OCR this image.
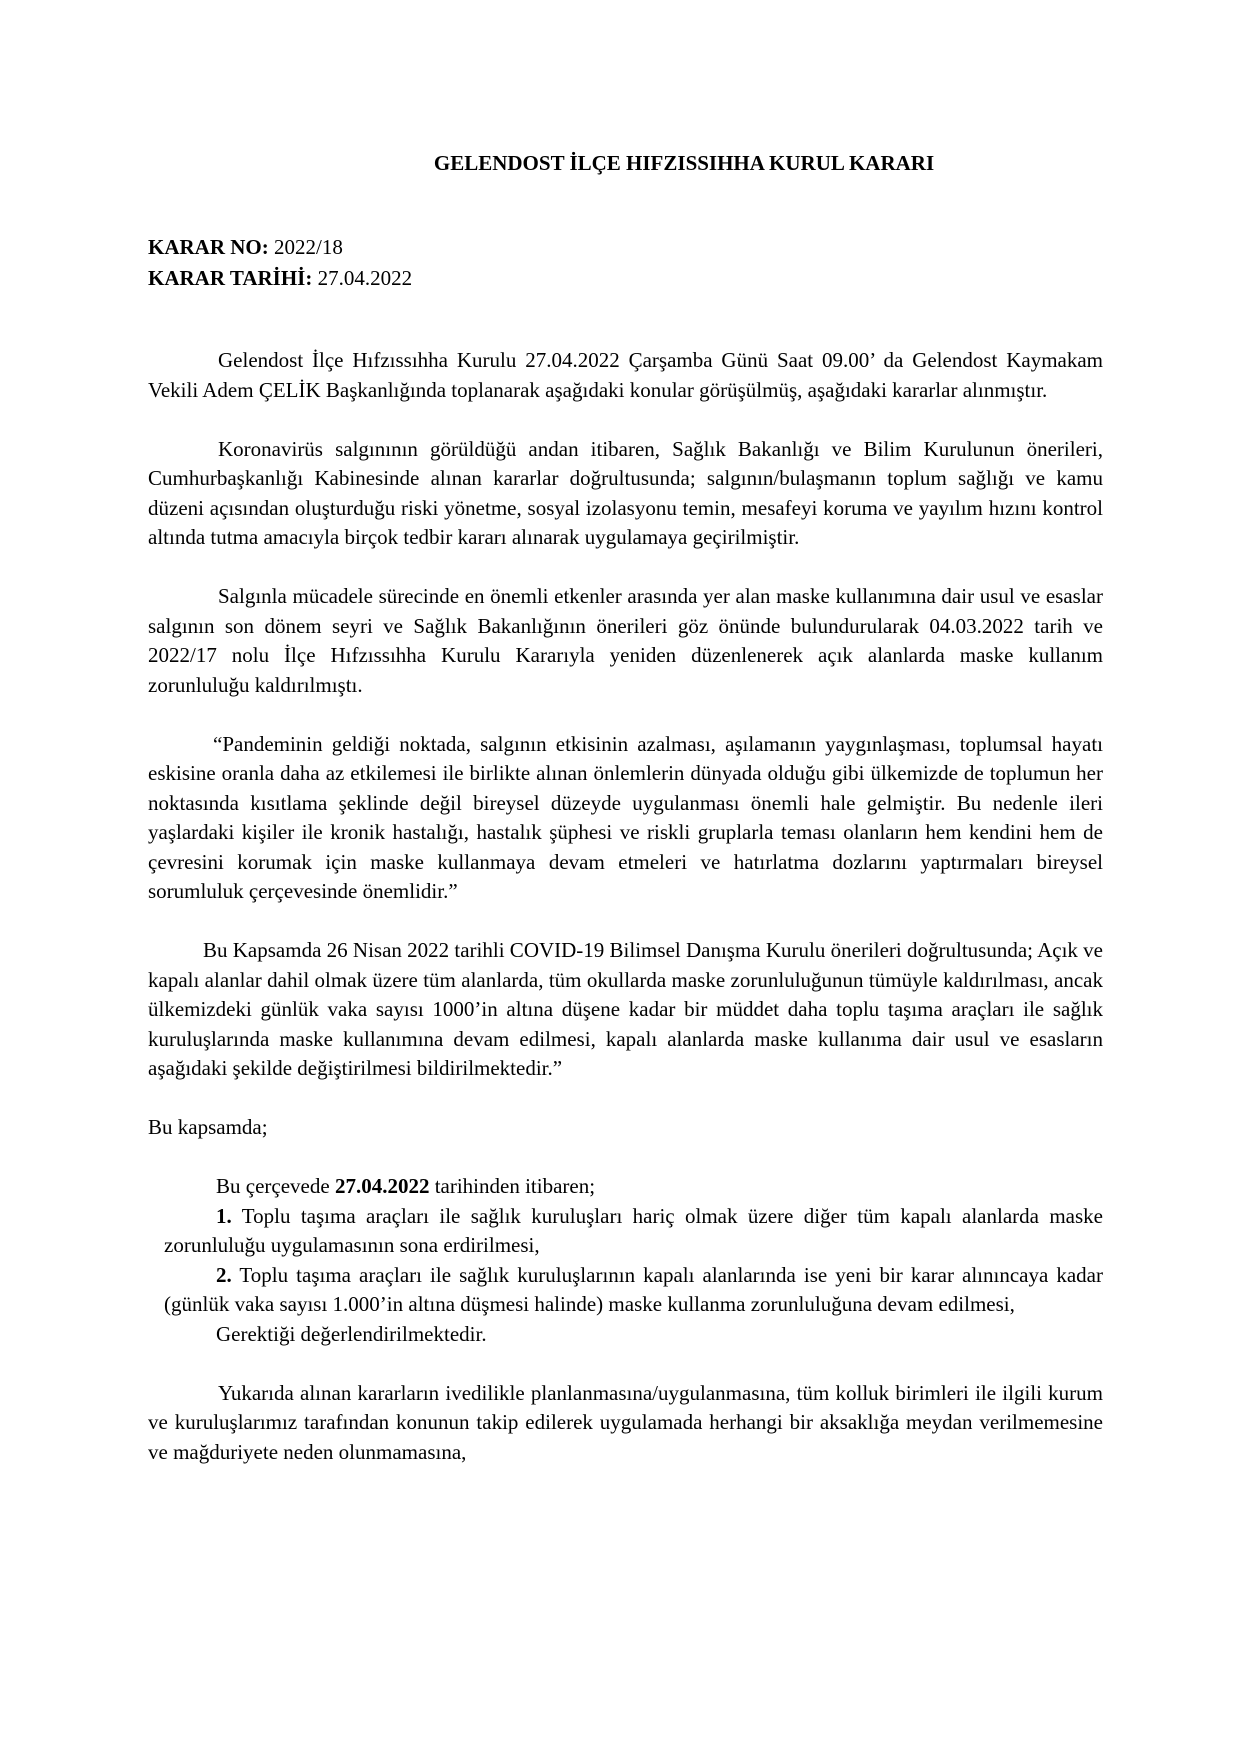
GELENDOST İLÇE HIFZISSIHHA KURUL KARARI
KARAR NO: 2022/18
KARAR TARİHİ: 27.04.2022

Gelendost İlçe Hıfzıssıhha Kurulu 27.04.2022 Çarşamba Günü Saat 09.00’ da Gelendost Kaymakam Vekili Adem ÇELİK Başkanlığında toplanarak aşağıdaki konular görüşülmüş, aşağıdaki kararlar alınmıştır.

Koronavirüs salgınının görüldüğü andan itibaren, Sağlık Bakanlığı ve Bilim Kurulunun önerileri, Cumhurbaşkanlığı Kabinesinde alınan kararlar doğrultusunda; salgının/bulaşmanın toplum sağlığı ve kamu düzeni açısından oluşturduğu riski yönetme, sosyal izolasyonu temin, mesafeyi koruma ve yayılım hızını kontrol altında tutma amacıyla birçok tedbir kararı alınarak uygulamaya geçirilmiştir.

Salgınla mücadele sürecinde en önemli etkenler arasında yer alan maske kullanımına dair usul ve esaslar salgının son dönem seyri ve Sağlık Bakanlığının önerileri göz önünde bulundurularak 04.03.2022 tarih ve 2022/17 nolu İlçe Hıfzıssıhha Kurulu Kararıyla yeniden düzenlenerek açık alanlarda maske kullanım zorunluluğu kaldırılmıştı.

“Pandeminin geldiği noktada, salgının etkisinin azalması, aşılamanın yaygınlaşması, toplumsal hayatı eskisine oranla daha az etkilemesi ile birlikte alınan önlemlerin dünyada olduğu gibi ülkemizde de toplumun her noktasında kısıtlama şeklinde değil bireysel düzeyde uygulanması önemli hale gelmiştir. Bu nedenle ileri yaşlardaki kişiler ile kronik hastalığı, hastalık şüphesi ve riskli gruplarla teması olanların hem kendini hem de çevresini korumak için maske kullanmaya devam etmeleri ve hatırlatma dozlarını yaptırmaları bireysel sorumluluk çerçevesinde önemlidir.”

Bu Kapsamda 26 Nisan 2022 tarihli COVID-19 Bilimsel Danışma Kurulu önerileri doğrultusunda; Açık ve kapalı alanlar dahil olmak üzere tüm alanlarda, tüm okullarda maske zorunluluğunun tümüyle kaldırılması, ancak ülkemizdeki günlük vaka sayısı 1000’in altına düşene kadar bir müddet daha toplu taşıma araçları ile sağlık kuruluşlarında maske kullanımına devam edilmesi, kapalı alanlarda maske kullanıma dair usul ve esasların aşağıdaki şekilde değiştirilmesi bildirilmektedir.”

Bu kapsamda;

Bu çerçevede 27.04.2022 tarihinden itibaren;

1. Toplu taşıma araçları ile sağlık kuruluşları hariç olmak üzere diğer tüm kapalı alanlarda maske zorunluluğu uygulamasının sona erdirilmesi,

2. Toplu taşıma araçları ile sağlık kuruluşlarının kapalı alanlarında ise yeni bir karar alınıncaya kadar (günlük vaka sayısı 1.000’in altına düşmesi halinde) maske kullanma zorunluluğuna devam edilmesi,

Gerektiği değerlendirilmektedir.

Yukarıda alınan kararların ivedilikle planlanmasına/uygulanmasına, tüm kolluk birimleri ile ilgili kurum ve kuruluşlarımız tarafından konunun takip edilerek uygulamada herhangi bir aksaklığa meydan verilmemesine ve mağduriyete neden olunmamasına,
